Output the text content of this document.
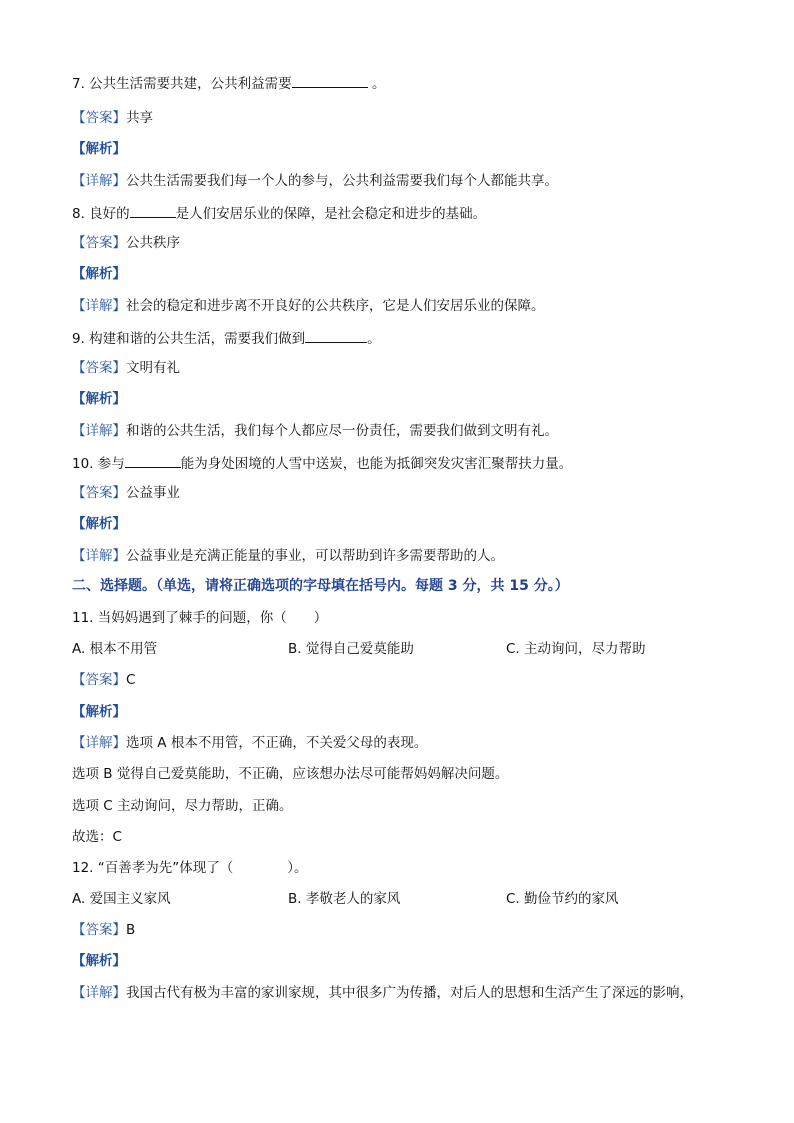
7. 公共生活需要共建，公共利益需要	。
【答案】共享
【解析】
【详解】公共生活需要我们每一个人的参与，公共利益需要我们每个人都能共享。
8. 良好的	是人们安居乐业的保障，是社会稳定和进步的基础。
【答案】公共秩序
【解析】
【详解】社会的稳定和进步离不开良好的公共秩序，它是人们安居乐业的保障。
9. 构建和谐的公共生活，需要我们做到	。
【答案】文明有礼
【解析】
【详解】和谐的公共生活，我们每个人都应尽一份责任，需要我们做到文明有礼。
10. 参与	能为身处困境的人雪中送炭，也能为抵御突发灾害汇聚帮扶力量。
【答案】公益事业
【解析】
【详解】公益事业是充满正能量的事业，可以帮助到许多需要帮助的人。
二、选择题。（单选，请将正确选项的字母填在括号内。每题 3 分，共 15 分。）
11. 当妈妈遇到了棘手的问题，你（　　）
A. 根本不用管	B. 觉得自己爱莫能助	C. 主动询问，尽力帮助
【答案】C
【解析】
【详解】选项 A 根本不用管，不正确，不关爱父母的表现。
选项 B 觉得自己爱莫能助，不正确，应该想办法尽可能帮妈妈解决问题。
选项 C 主动询问，尽力帮助，正确。
故选：C
12. “百善孝为先”体现了（　　　　）。
A. 爱国主义家风	B. 孝敬老人的家风	C. 勤俭节约的家风
【答案】B
【解析】
【详解】我国古代有极为丰富的家训家规，其中很多广为传播，对后人的思想和生活产生了深远的影响，
